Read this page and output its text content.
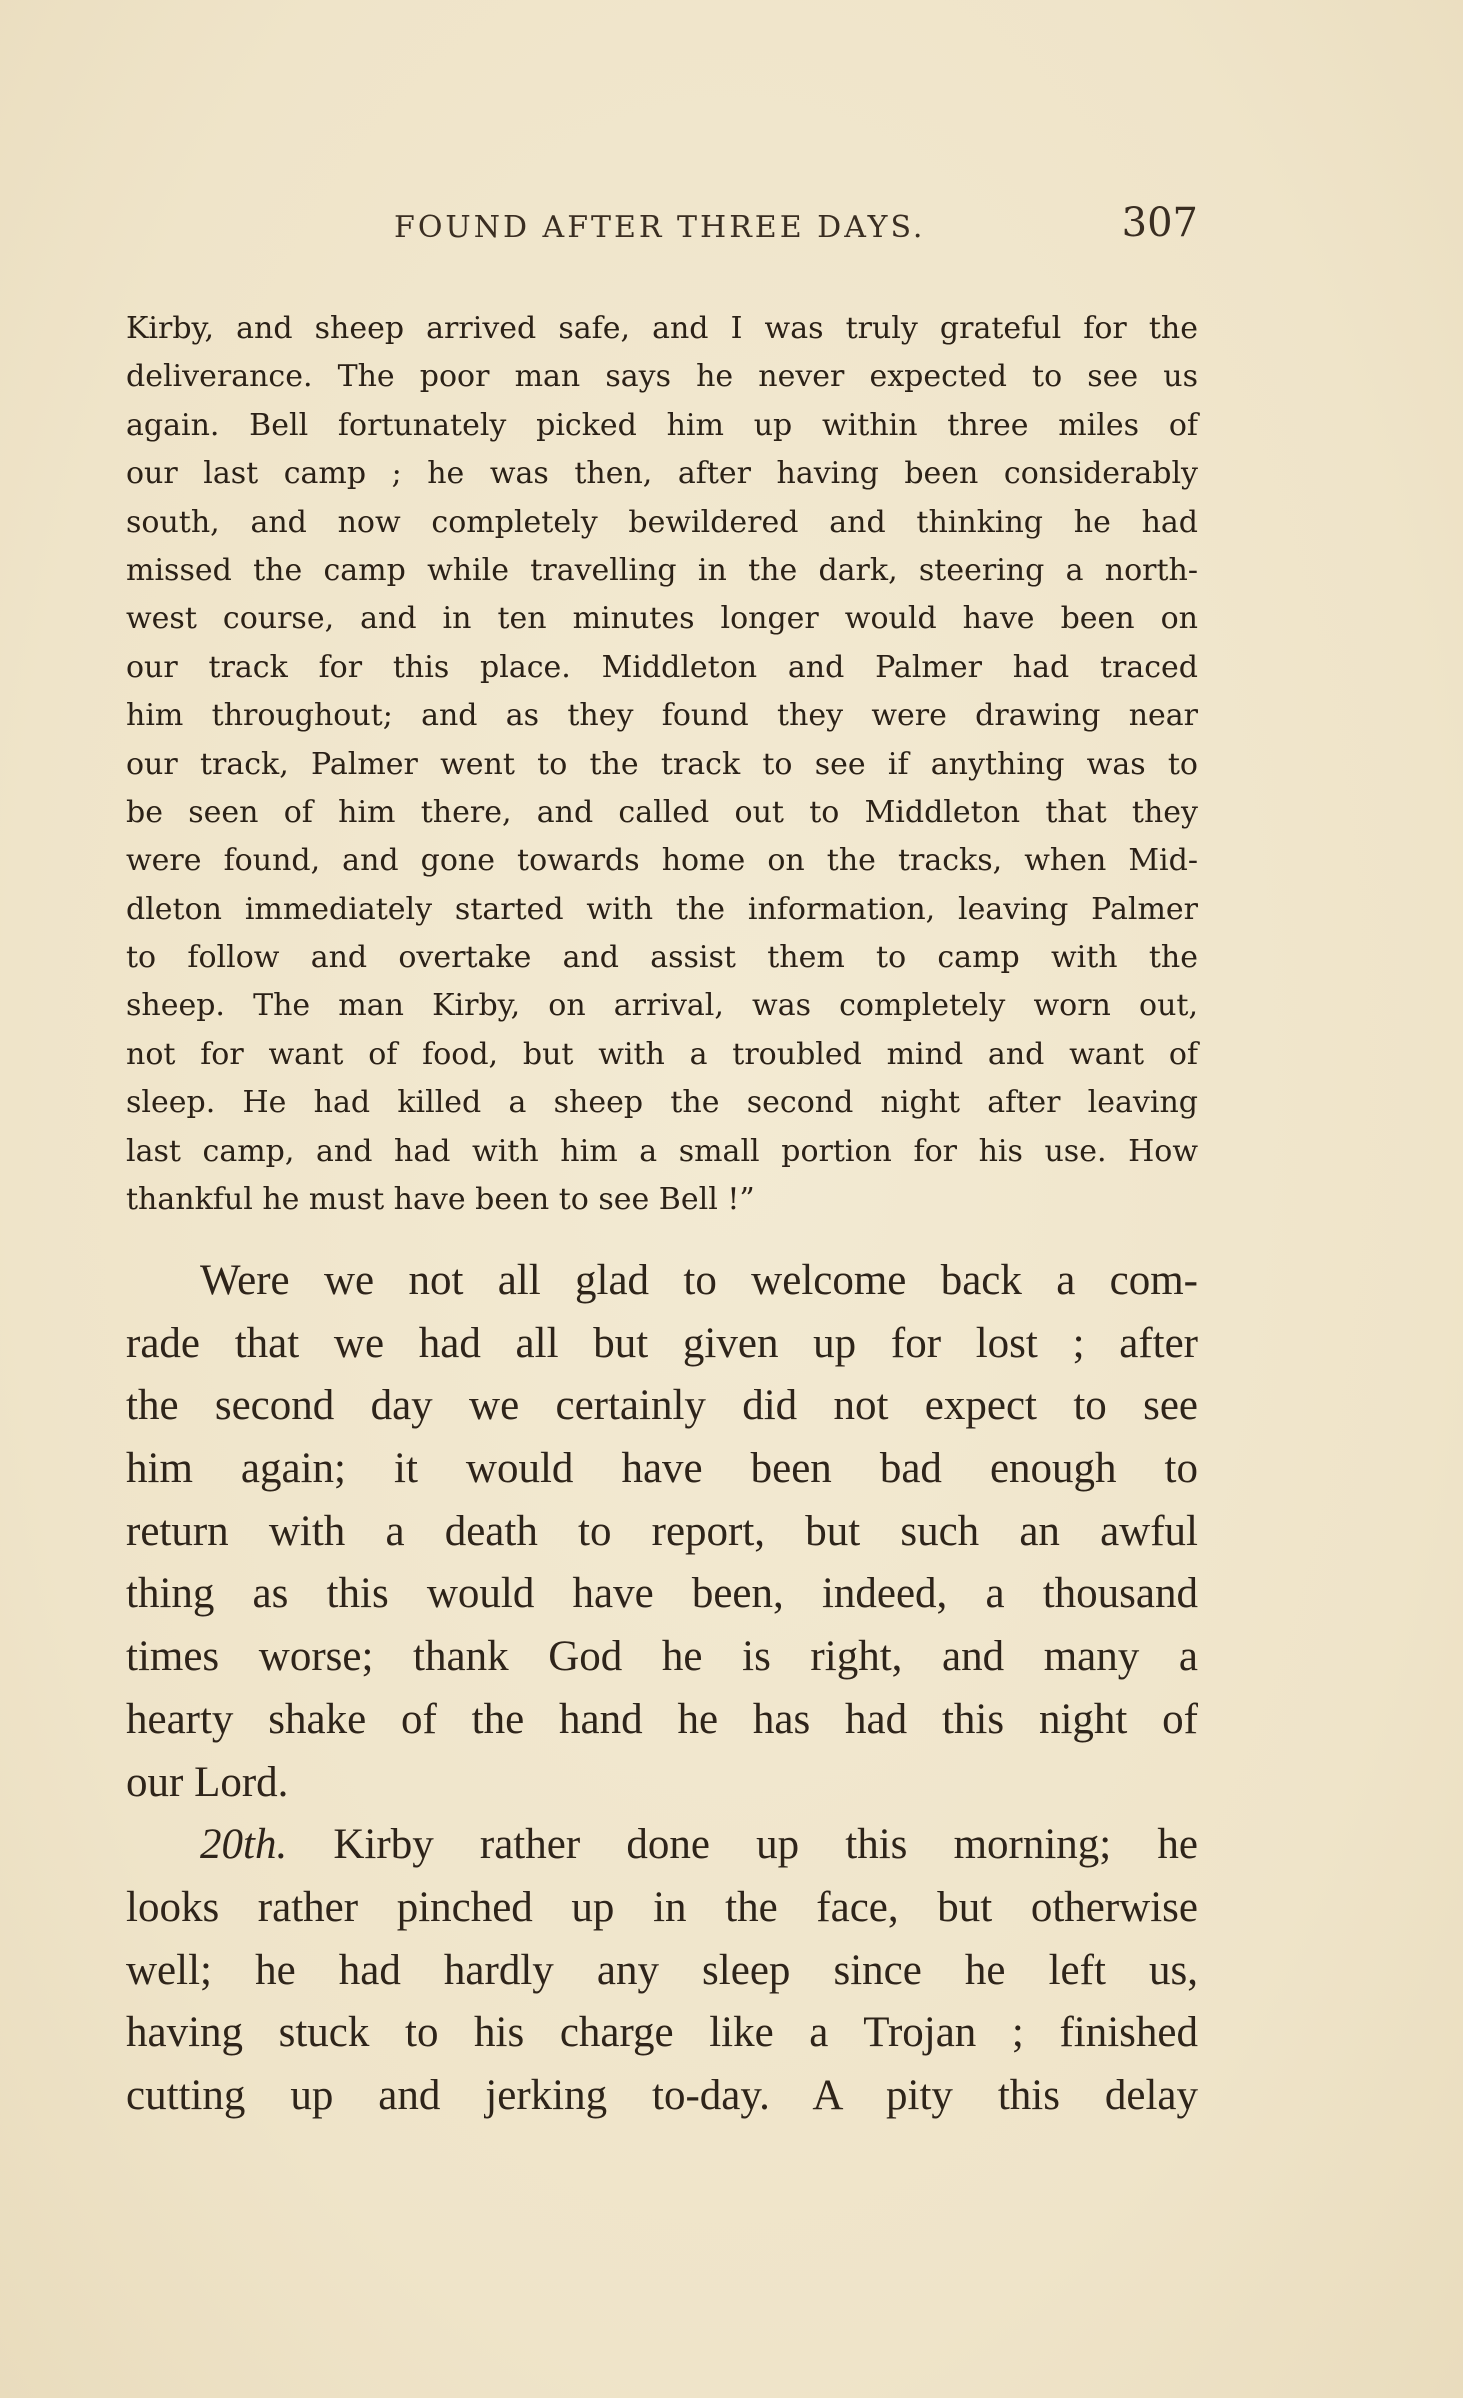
FOUND AFTER THREE DAYS.	307
Kirby, and sheep arrived safe, and I was truly grateful for the
deliverance. The poor man says he never expected to see us
again. Bell fortunately picked him up within three miles of
our last camp ; he was then, after having been considerably
south, and now completely bewildered and thinking he had
missed the camp while travelling in the dark, steering a north-
west course, and in ten minutes longer would have been on
our track for this place. Middleton and Palmer had traced
him throughout; and as they found they were drawing near
our track, Palmer went to the track to see if anything was to
be seen of him there, and called out to Middleton that they
were found, and gone towards home on the tracks, when Mid-
dleton immediately started with the information, leaving Palmer
to follow and overtake and assist them to camp with the
sheep. The man Kirby, on arrival, was completely worn out,
not for want of food, but with a troubled mind and want of
sleep. He had killed a sheep the second night after leaving
last camp, and had with him a small portion for his use. How
thankful he must have been to see Bell !”
Were we not all glad to welcome back a com-
rade that we had all but given up for lost ; after
the second day we certainly did not expect to see
him again; it would have been bad enough to
return with a death to report, but such an awful
thing as this would have been, indeed, a thousand
times worse; thank God he is right, and many a
hearty shake of the hand he has had this night of
our Lord.
20th. Kirby rather done up this morning; he
looks rather pinched up in the face, but otherwise
well; he had hardly any sleep since he left us,
having stuck to his charge like a Trojan ; finished
cutting up and jerking to-day. A pity this delay
